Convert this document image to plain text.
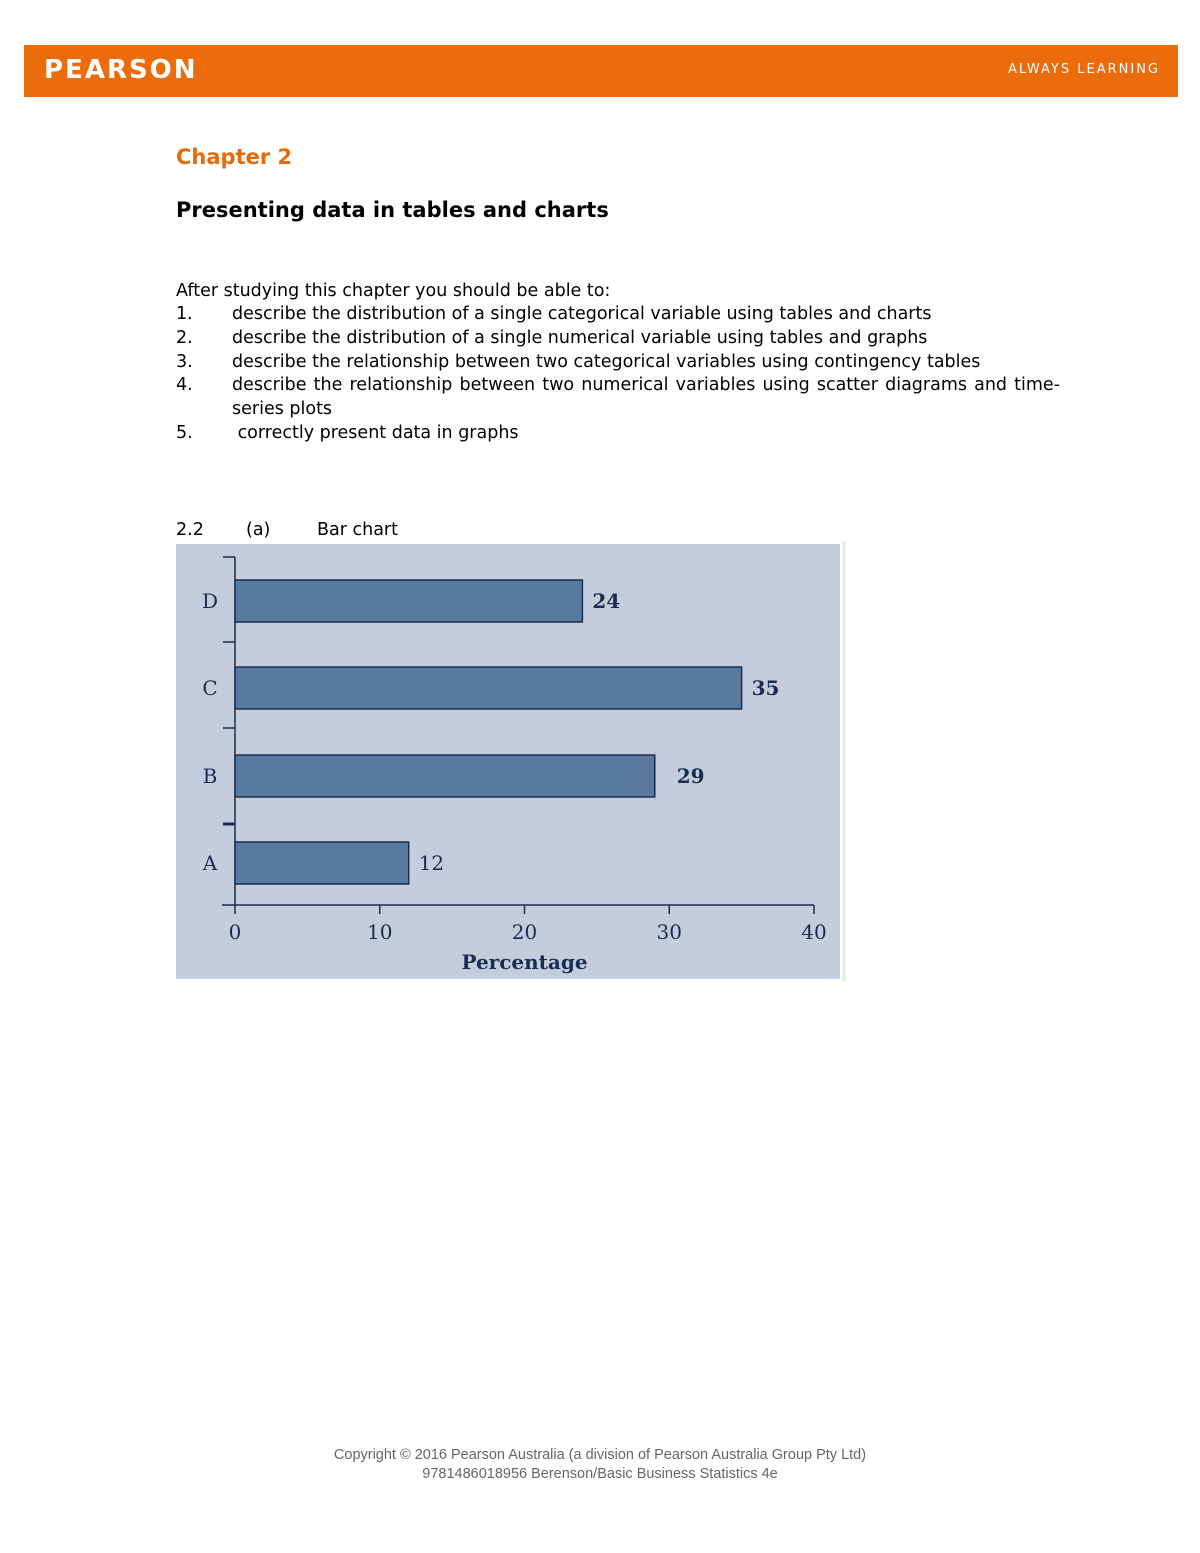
PEARSON	ALWAYS LEARNING
Chapter 2
Presenting data in tables and charts
After studying this chapter you should be able to:
1.	describe the distribution of a single categorical variable using tables and charts
2.	describe the distribution of a single numerical variable using tables and graphs
3.	describe the relationship between two categorical variables using contingency tables
4.	describe the relationship between two numerical variables using scatter diagrams and time-series plots
5.	correctly present data in graphs
2.2 (a)	Bar chart
0	10	20	30	40
Percentage
A	12
B	29
C	35
D	24
Copyright © 2016 Pearson Australia (a division of Pearson Australia Group Pty Ltd)
9781486018956 Berenson/Basic Business Statistics 4e
